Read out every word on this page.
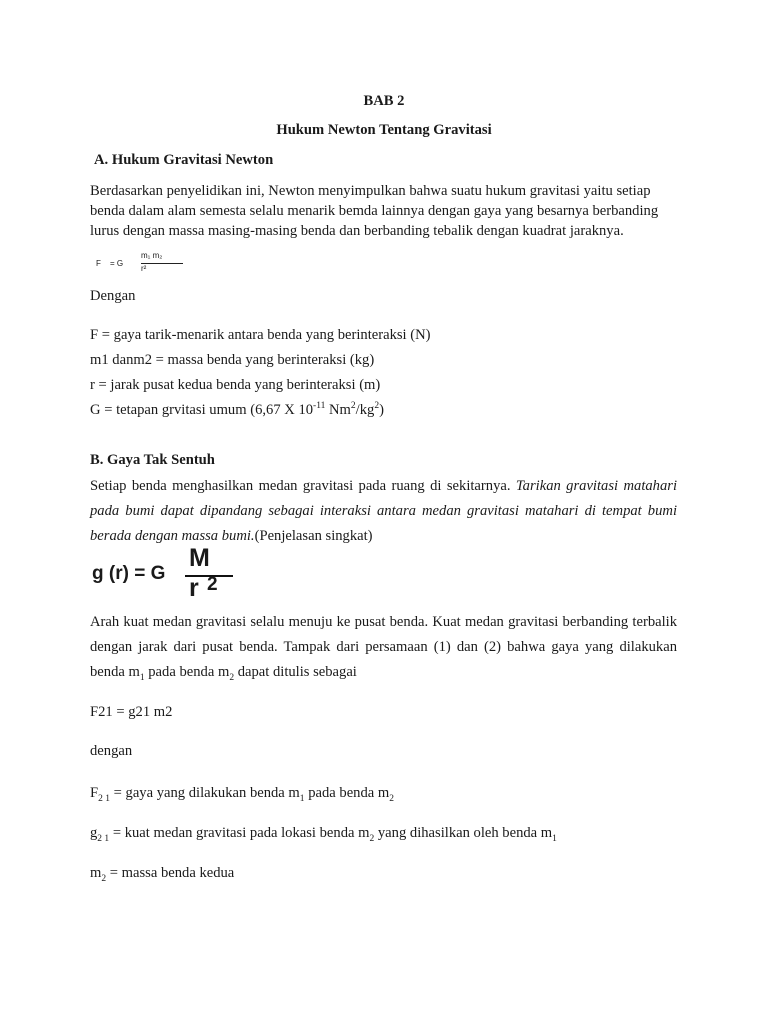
BAB 2
Hukum Newton Tentang Gravitasi
A. Hukum Gravitasi Newton
Berdasarkan penyelidikan ini, Newton menyimpulkan bahwa suatu hukum gravitasi yaitu setiap
benda dalam alam semesta selalu menarik bemda lainnya dengan gaya yang besarnya berbanding
lurus dengan massa masing-masing benda dan berbanding tebalik dengan kuadrat jaraknya.
F = G
m₁ m₂
r²
Dengan
F = gaya tarik-menarik antara benda yang berinteraksi (N)
m1 danm2 = massa benda yang berinteraksi (kg)
r = jarak pusat kedua benda yang berinteraksi (m)
G = tetapan grvitasi umum (6,67 X $10^{-11}$ $Nm^2/kg^2$)
B. Gaya Tak Sentuh
Setiap benda menghasilkan medan gravitasi pada ruang di sekitarnya. Tarikan gravitasi matahari pada bumi dapat dipandang sebagai interaksi antara medan gravitasi matahari di tempat bumi berada dengan massa bumi.(Penjelasan singkat)
g (r) = G
M
r 2
Arah kuat medan gravitasi selalu menuju ke pusat benda. Kuat medan gravitasi berbanding terbalik dengan jarak dari pusat benda. Tampak dari persamaan (1) dan (2) bahwa gaya yang dilakukan benda $m_1$ pada benda $m_2$ dapat ditulis sebagai
F21 = g21 m2
dengan
$F_{2 1}$ = gaya yang dilakukan benda $m_1$ pada benda $m_2$
$g_{2 1}$ = kuat medan gravitasi pada lokasi benda $m_2$ yang dihasilkan oleh benda $m_1$
$m_2$ = massa benda kedua
